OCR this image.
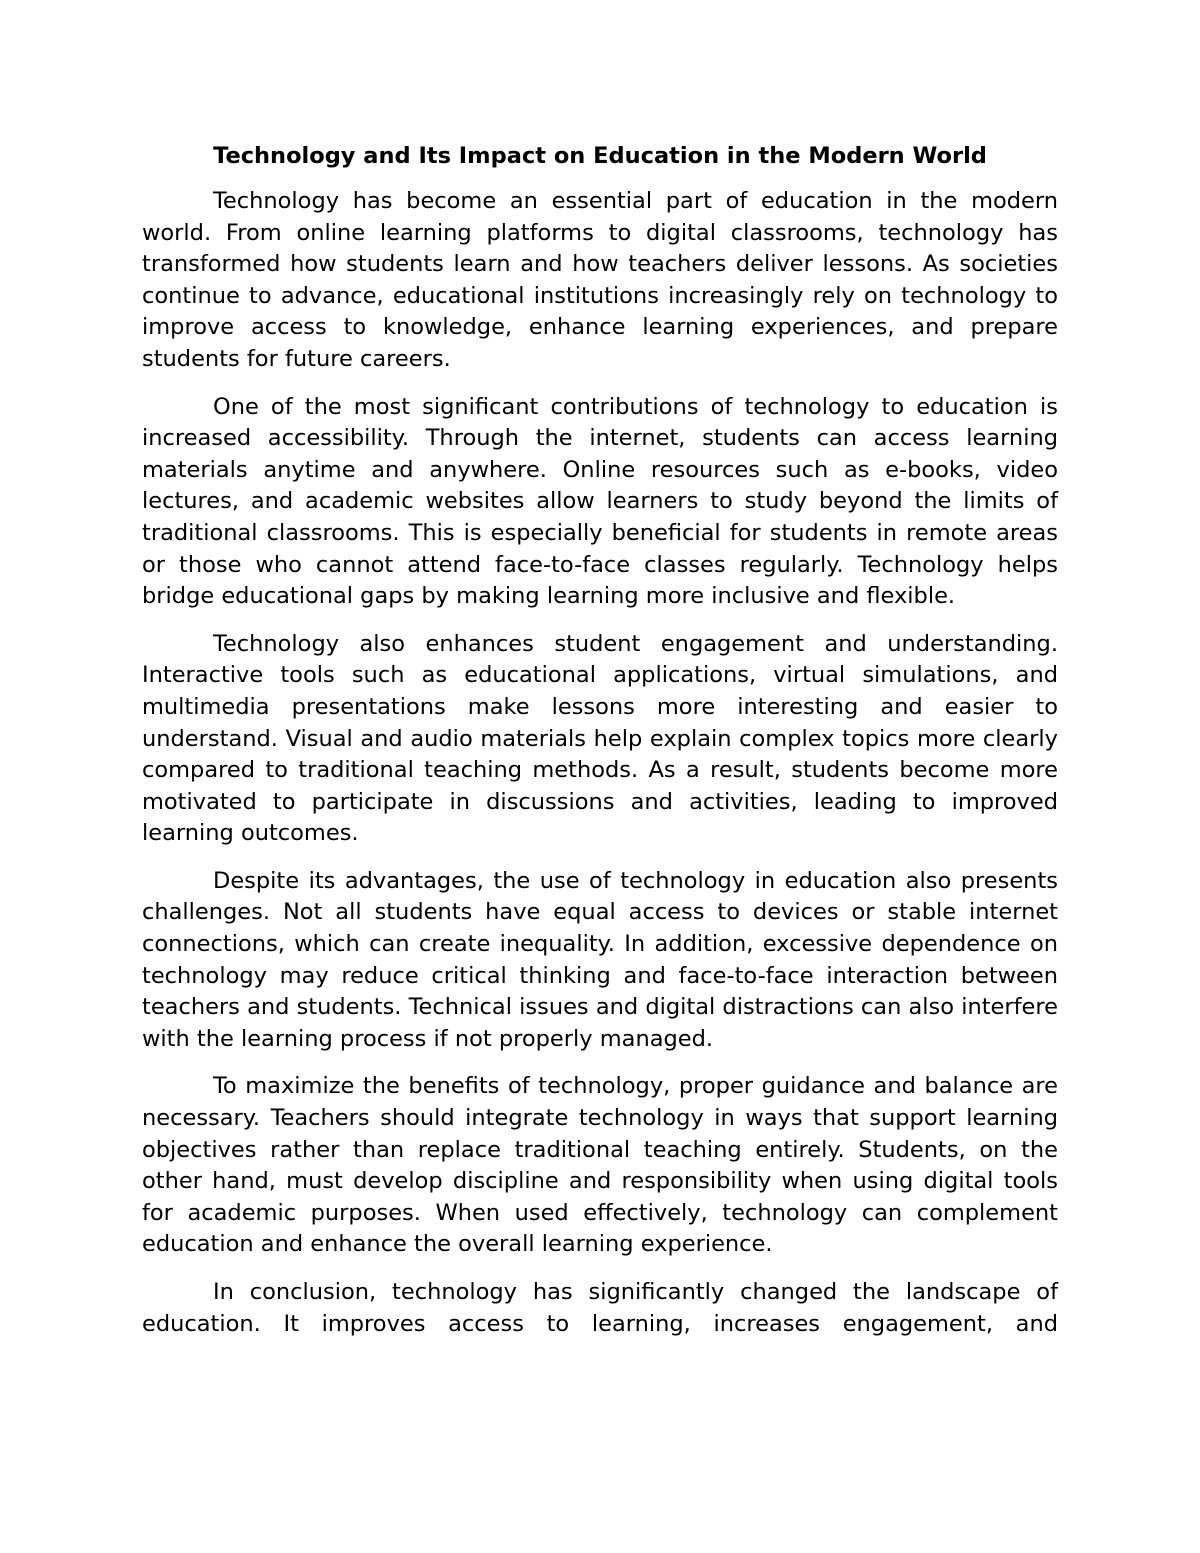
Technology and Its Impact on Education in the Modern World

Technology has become an essential part of education in the modern world. From online learning platforms to digital classrooms, technology has transformed how students learn and how teachers deliver lessons. As societies continue to advance, educational institutions increasingly rely on technology to improve access to knowledge, enhance learning experiences, and prepare students for future careers.

One of the most significant contributions of technology to education is increased accessibility. Through the internet, students can access learning materials anytime and anywhere. Online resources such as e-books, video lectures, and academic websites allow learners to study beyond the limits of traditional classrooms. This is especially beneficial for students in remote areas or those who cannot attend face-to-face classes regularly. Technology helps bridge educational gaps by making learning more inclusive and flexible.

Technology also enhances student engagement and understanding. Interactive tools such as educational applications, virtual simulations, and multimedia presentations make lessons more interesting and easier to understand. Visual and audio materials help explain complex topics more clearly compared to traditional teaching methods. As a result, students become more motivated to participate in discussions and activities, leading to improved learning outcomes.

Despite its advantages, the use of technology in education also presents challenges. Not all students have equal access to devices or stable internet connections, which can create inequality. In addition, excessive dependence on technology may reduce critical thinking and face-to-face interaction between teachers and students. Technical issues and digital distractions can also interfere with the learning process if not properly managed.

To maximize the benefits of technology, proper guidance and balance are necessary. Teachers should integrate technology in ways that support learning objectives rather than replace traditional teaching entirely. Students, on the other hand, must develop discipline and responsibility when using digital tools for academic purposes. When used effectively, technology can complement education and enhance the overall learning experience.

In conclusion, technology has significantly changed the landscape of education. It improves access to learning, increases engagement, and
